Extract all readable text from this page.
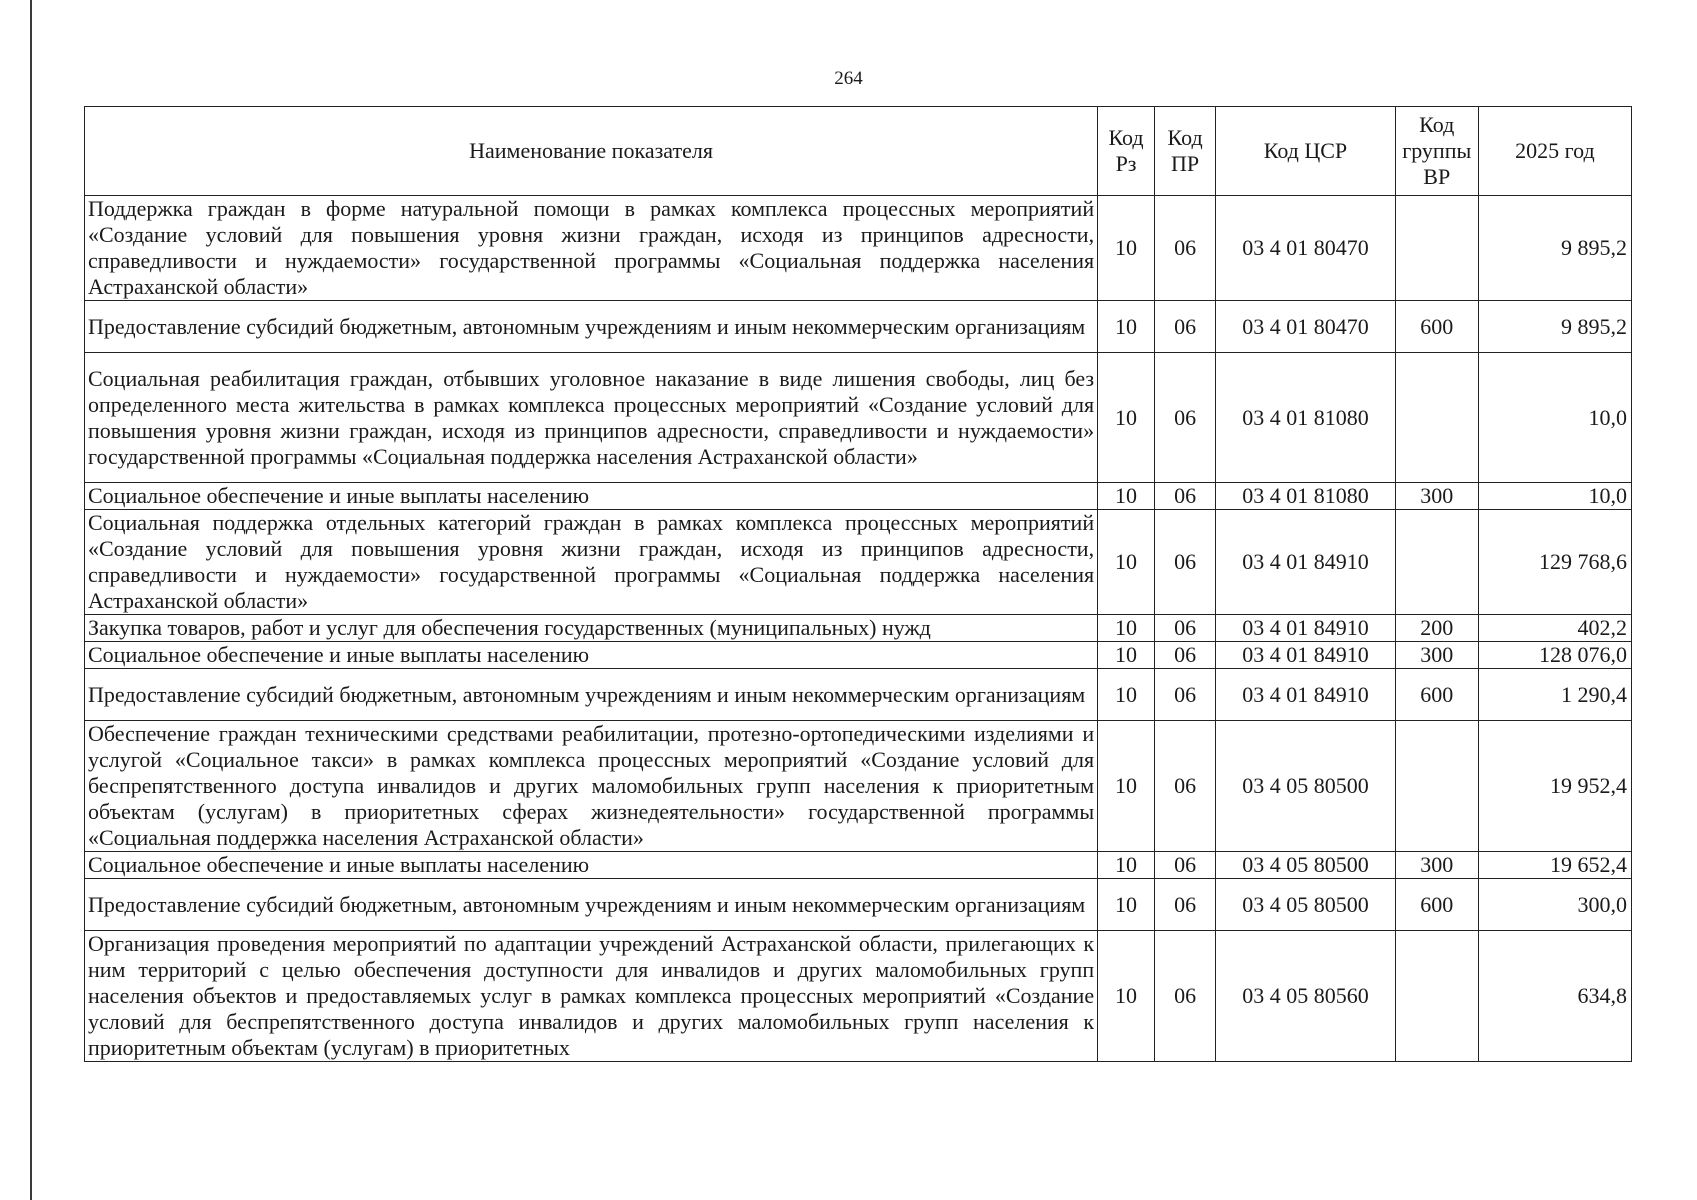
264
Наименование показателя	Код Рз	Код ПР	Код ЦСР	Код группы ВР	2025 год
Поддержка граждан в форме натуральной помощи в рамках комплекса процессных мероприятий «Создание условий для повышения уровня жизни граждан, исходя из принципов адресности, справедливости и нуждаемости» государственной программы «Социальная поддержка населения Астраханской области»	10	06	03 4 01 80470		9 895,2
Предоставление субсидий бюджетным, автономным учреждениям и иным некоммерческим организациям	10	06	03 4 01 80470	600	9 895,2
Социальная реабилитация граждан, отбывших уголовное наказание в виде лишения свободы, лиц без определенного места жительства в рамках комплекса процессных мероприятий «Создание условий для повышения уровня жизни граждан, исходя из принципов адресности, справедливости и нуждаемости» государственной программы «Социальная поддержка населения Астраханской области»	10	06	03 4 01 81080		10,0
Социальное обеспечение и иные выплаты населению	10	06	03 4 01 81080	300	10,0
Социальная поддержка отдельных категорий граждан в рамках комплекса процессных мероприятий «Создание условий для повышения уровня жизни граждан, исходя из принципов адресности, справедливости и нуждаемости» государственной программы «Социальная поддержка населения Астраханской области»	10	06	03 4 01 84910		129 768,6
Закупка товаров, работ и услуг для обеспечения государственных (муниципальных) нужд	10	06	03 4 01 84910	200	402,2
Социальное обеспечение и иные выплаты населению	10	06	03 4 01 84910	300	128 076,0
Предоставление субсидий бюджетным, автономным учреждениям и иным некоммерческим организациям	10	06	03 4 01 84910	600	1 290,4
Обеспечение граждан техническими средствами реабилитации, протезно-ортопедическими изделиями и услугой «Социальное такси» в рамках комплекса процессных мероприятий «Создание условий для беспрепятственного доступа инвалидов и других маломобильных групп населения к приоритетным объектам (услугам) в приоритетных сферах жизнедеятельности» государственной программы «Социальная поддержка населения Астраханской области»	10	06	03 4 05 80500		19 952,4
Социальное обеспечение и иные выплаты населению	10	06	03 4 05 80500	300	19 652,4
Предоставление субсидий бюджетным, автономным учреждениям и иным некоммерческим организациям	10	06	03 4 05 80500	600	300,0
Организация проведения мероприятий по адаптации учреждений Астраханской области, прилегающих к ним территорий с целью обеспечения доступности для инвалидов и других маломобильных групп населения объектов и предоставляемых услуг в рамках комплекса процессных мероприятий «Создание условий для беспрепятственного доступа инвалидов и других маломобильных групп населения к приоритетным объектам (услугам) в приоритетных	10	06	03 4 05 80560		634,8
